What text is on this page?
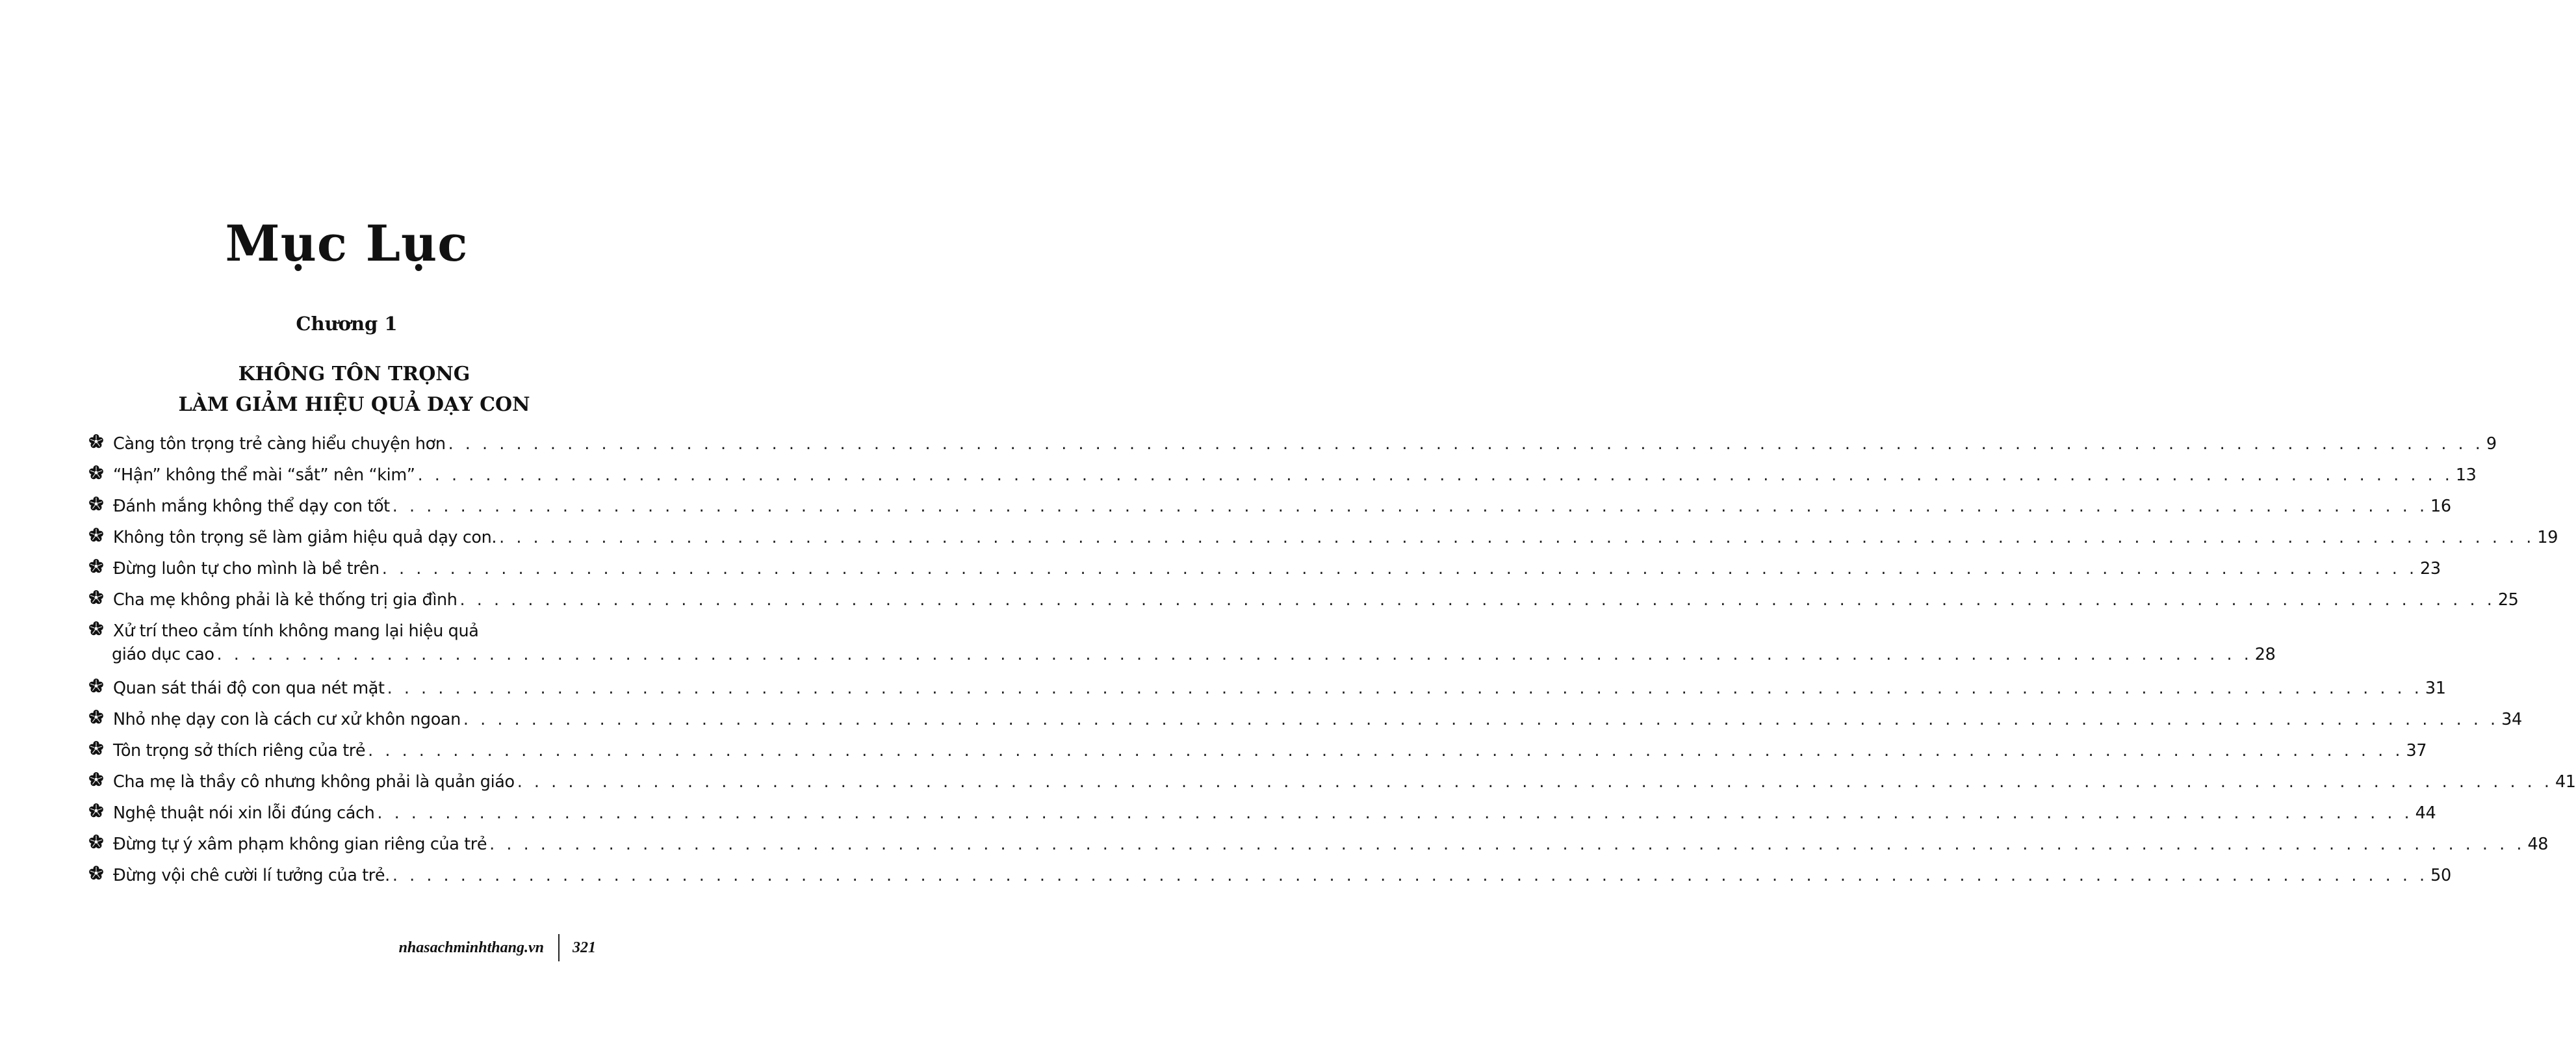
Mục Lục
Chương 1
KHÔNG TÔN TRỌNG
LÀM GIẢM HIỆU QUẢ DẠY CON
Càng tôn trọng trẻ càng hiểu chuyện hơn . . . . . . . . . . . . . . . . . . . . . . . . . . . . . . . . . . . . . . . . . . . . . . . . . . . . . . . . . . . . . . . . . . . . . . . . . . . . . . . . . . . . . . . . . . . . . . . . . . . . . . . . . . . . . . . . . . . . . . . . 9
“Hận” không thể mài “sắt” nên “kim” . . . . . . . . . . . . . . . . . . . . . . . . . . . . . . . . . . . . . . . . . . . . . . . . . . . . . . . . . . . . . . . . . . . . . . . . . . . . . . . . . . . . . . . . . . . . . . . . . . . . . . . . . . . . . . . . . . . . . . . . 13
Đánh mắng không thể dạy con tốt . . . . . . . . . . . . . . . . . . . . . . . . . . . . . . . . . . . . . . . . . . . . . . . . . . . . . . . . . . . . . . . . . . . . . . . . . . . . . . . . . . . . . . . . . . . . . . . . . . . . . . . . . . . . . . . . . . . . . . . . 16
Không tôn trọng sẽ làm giảm hiệu quả dạy con. . . . . . . . . . . . . . . . . . . . . . . . . . . . . . . . . . . . . . . . . . . . . . . . . . . . . . . . . . . . . . . . . . . . . . . . . . . . . . . . . . . . . . . . . . . . . . . . . . . . . . . . . . . . . . . . . . . . . . . . . 19
Đừng luôn tự cho mình là bề trên . . . . . . . . . . . . . . . . . . . . . . . . . . . . . . . . . . . . . . . . . . . . . . . . . . . . . . . . . . . . . . . . . . . . . . . . . . . . . . . . . . . . . . . . . . . . . . . . . . . . . . . . . . . . . . . . . . . . . . . . 23
Cha mẹ không phải là kẻ thống trị gia đình . . . . . . . . . . . . . . . . . . . . . . . . . . . . . . . . . . . . . . . . . . . . . . . . . . . . . . . . . . . . . . . . . . . . . . . . . . . . . . . . . . . . . . . . . . . . . . . . . . . . . . . . . . . . . . . . . . . . . . . . 25
Xử trí theo cảm tính không mang lại hiệu quả
giáo dục cao . . . . . . . . . . . . . . . . . . . . . . . . . . . . . . . . . . . . . . . . . . . . . . . . . . . . . . . . . . . . . . . . . . . . . . . . . . . . . . . . . . . . . . . . . . . . . . . . . . . . . . . . . . . . . . . . . . . . . . . . 28
Quan sát thái độ con qua nét mặt . . . . . . . . . . . . . . . . . . . . . . . . . . . . . . . . . . . . . . . . . . . . . . . . . . . . . . . . . . . . . . . . . . . . . . . . . . . . . . . . . . . . . . . . . . . . . . . . . . . . . . . . . . . . . . . . . . . . . . . . 31
Nhỏ nhẹ dạy con là cách cư xử khôn ngoan . . . . . . . . . . . . . . . . . . . . . . . . . . . . . . . . . . . . . . . . . . . . . . . . . . . . . . . . . . . . . . . . . . . . . . . . . . . . . . . . . . . . . . . . . . . . . . . . . . . . . . . . . . . . . . . . . . . . . . . . 34
Tôn trọng sở thích riêng của trẻ . . . . . . . . . . . . . . . . . . . . . . . . . . . . . . . . . . . . . . . . . . . . . . . . . . . . . . . . . . . . . . . . . . . . . . . . . . . . . . . . . . . . . . . . . . . . . . . . . . . . . . . . . . . . . . . . . . . . . . . . 37
Cha mẹ là thầy cô nhưng không phải là quản giáo . . . . . . . . . . . . . . . . . . . . . . . . . . . . . . . . . . . . . . . . . . . . . . . . . . . . . . . . . . . . . . . . . . . . . . . . . . . . . . . . . . . . . . . . . . . . . . . . . . . . . . . . . . . . . . . . . . . . . . . . 41
Nghệ thuật nói xin lỗi đúng cách . . . . . . . . . . . . . . . . . . . . . . . . . . . . . . . . . . . . . . . . . . . . . . . . . . . . . . . . . . . . . . . . . . . . . . . . . . . . . . . . . . . . . . . . . . . . . . . . . . . . . . . . . . . . . . . . . . . . . . . . 44
Đừng tự ý xâm phạm không gian riêng của trẻ . . . . . . . . . . . . . . . . . . . . . . . . . . . . . . . . . . . . . . . . . . . . . . . . . . . . . . . . . . . . . . . . . . . . . . . . . . . . . . . . . . . . . . . . . . . . . . . . . . . . . . . . . . . . . . . . . . . . . . . . 48
Đừng vội chê cười lí tưởng của trẻ. . . . . . . . . . . . . . . . . . . . . . . . . . . . . . . . . . . . . . . . . . . . . . . . . . . . . . . . . . . . . . . . . . . . . . . . . . . . . . . . . . . . . . . . . . . . . . . . . . . . . . . . . . . . . . . . . . . . . . . . . 50
nhasachminhthang.vn	321
